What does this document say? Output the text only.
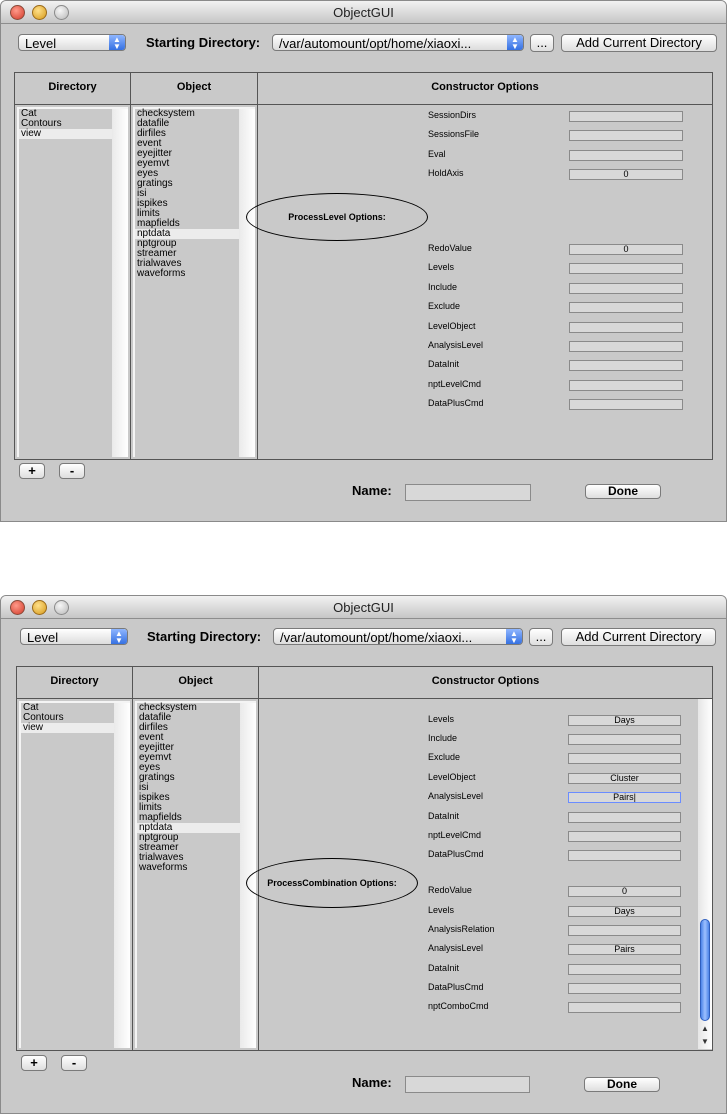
ObjectGUI
Level	▲
▼	Starting Directory:	/var/automount/opt/home/xiaoxi...	▲
▼	...	Add Current Directory
Directory	Object	Constructor Options
Cat
Contours
view
checksystem
datafile
dirfiles
event
eyejitter
eyemvt
eyes
gratings
isi
ispikes
limits
mapfields
nptdata
nptgroup
streamer
trialwaves
waveforms
ProcessLevel Options:
SessionDirs
SessionsFile
Eval
HoldAxis	0
RedoValue	0
Levels
Include
Exclude
LevelObject
AnalysisLevel
DataInit
nptLevelCmd
DataPlusCmd
+	-
Name:	Done
ObjectGUI
Level	▲
▼	Starting Directory:	/var/automount/opt/home/xiaoxi...	▲
▼	...	Add Current Directory
Directory	Object	Constructor Options
Cat
Contours
view
checksystem
datafile
dirfiles
event
eyejitter
eyemvt
eyes
gratings
isi
ispikes
limits
mapfields
nptdata
nptgroup
streamer
trialwaves
waveforms
ProcessCombination Options:
Levels	Days
Include
Exclude
LevelObject	Cluster
AnalysisLevel	Pairs|
DataInit
nptLevelCmd
DataPlusCmd
RedoValue	0
Levels	Days
AnalysisRelation
AnalysisLevel	Pairs
DataInit
DataPlusCmd
nptComboCmd
▲
▼
+	-
Name:	Done
